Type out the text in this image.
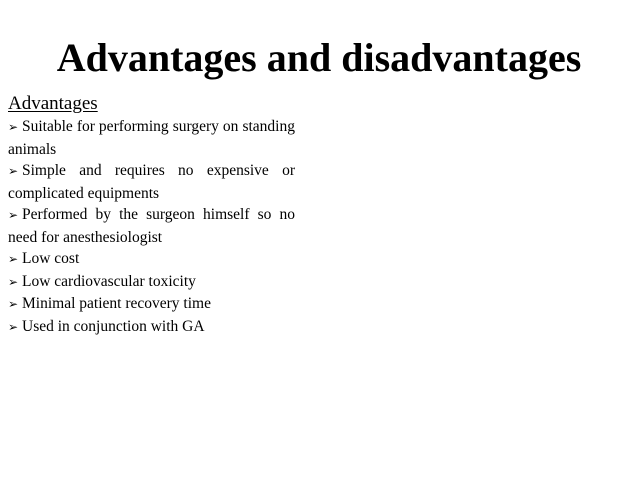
Advantages and disadvantages
Advantages
➢ Suitable for performing surgery on standing animals
➢ Simple and requires no expensive or complicated equipments
➢ Performed by the surgeon himself so no need for anesthesiologist
➢ Low cost
➢ Low cardiovascular toxicity
➢ Minimal patient recovery time
➢ Used in conjunction with GA
